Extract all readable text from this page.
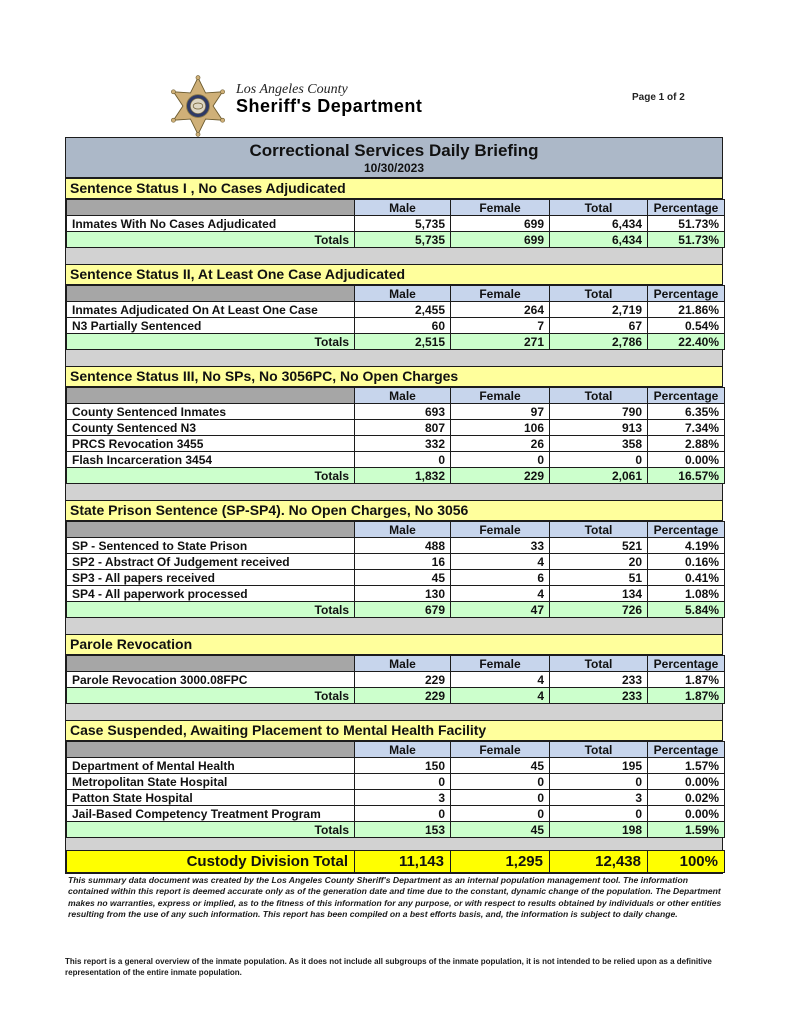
Los Angeles County
Sheriff's Department	Page 1 of 2
Correctional Services Daily Briefing
10/30/2023
Sentence Status I , No Cases Adjudicated
	Male	Female	Total	Percentage
Inmates With No Cases Adjudicated	5,735	699	6,434	51.73%
Totals	5,735	699	6,434	51.73%
Sentence Status II, At Least One Case Adjudicated
	Male	Female	Total	Percentage
Inmates Adjudicated On At Least One Case	2,455	264	2,719	21.86%
N3 Partially Sentenced	60	7	67	0.54%
Totals	2,515	271	2,786	22.40%
Sentence Status III, No SPs, No 3056PC, No Open Charges
	Male	Female	Total	Percentage
County Sentenced Inmates	693	97	790	6.35%
County Sentenced N3	807	106	913	7.34%
PRCS Revocation 3455	332	26	358	2.88%
Flash Incarceration 3454	0	0	0	0.00%
Totals	1,832	229	2,061	16.57%
State Prison Sentence (SP-SP4). No Open Charges, No 3056
	Male	Female	Total	Percentage
SP - Sentenced to State Prison	488	33	521	4.19%
SP2 - Abstract Of Judgement received	16	4	20	0.16%
SP3 - All papers received	45	6	51	0.41%
SP4 - All paperwork processed	130	4	134	1.08%
Totals	679	47	726	5.84%
Parole Revocation
	Male	Female	Total	Percentage
Parole Revocation 3000.08FPC	229	4	233	1.87%
Totals	229	4	233	1.87%
Case Suspended, Awaiting Placement to Mental Health Facility
	Male	Female	Total	Percentage
Department of Mental Health	150	45	195	1.57%
Metropolitan State Hospital	0	0	0	0.00%
Patton State Hospital	3	0	3	0.02%
Jail-Based Competency Treatment Program	0	0	0	0.00%
Totals	153	45	198	1.59%
Custody Division Total	11,143	1,295	12,438	100%

This summary data document was created by the Los Angeles County Sheriff's Department as an internal population management tool. The information contained within this report is deemed accurate only as of the generation date and time due to the constant, dynamic change of the population. The Department makes no warranties, express or implied, as to the fitness of this information for any purpose, or with respect to results obtained by individuals or other entities resulting from the use of any such information. This report has been compiled on a best efforts basis, and, the information is subject to daily change.

This report is a general overview of the inmate population. As it does not include all subgroups of the inmate population, it is not intended to be relied upon as a definitive representation of the entire inmate population.
